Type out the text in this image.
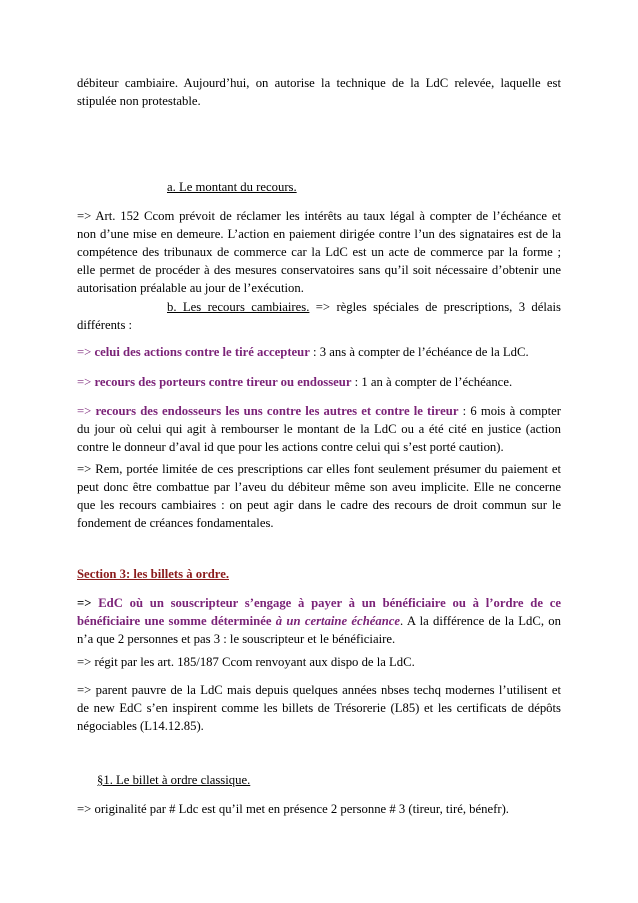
débiteur cambiaire. Aujourd’hui, on autorise la technique de la LdC relevée, laquelle est
stipulée non protestable.
a. Le montant du recours.
=> Art. 152 Ccom prévoit de réclamer les intérêts au taux légal à compter de l’échéance et
non d’une mise en demeure. L’action en paiement dirigée contre l’un des signataires est de la
compétence des tribunaux de commerce car la LdC est un acte de commerce par la forme ;
elle permet de procéder à des mesures conservatoires sans qu’il soit nécessaire d’obtenir une
autorisation préalable au jour de l’exécution.
b. Les recours cambiaires. => règles spéciales de prescriptions, 3 délais
différents :
=> celui des actions contre le tiré accepteur : 3 ans à compter de l’échéance de la LdC.
=> recours des porteurs contre tireur ou endosseur : 1 an à compter de l’échéance.
=> recours des endosseurs les uns contre les autres et contre le tireur : 6 mois à compter
du jour où celui qui agit à rembourser le montant de la LdC ou a été cité en justice (action
contre le donneur d’aval id que pour les actions contre celui qui s’est porté caution).
=> Rem, portée limitée de ces prescriptions car elles font seulement présumer du paiement et
peut donc être combattue par l’aveu du débiteur même son aveu implicite. Elle ne concerne
que les recours cambiaires : on peut agir dans le cadre des recours de droit commun sur le
fondement de créances fondamentales.
Section 3: les billets à ordre.
=> EdC où un souscripteur s’engage à payer à un bénéficiaire ou à l’ordre de ce
bénéficiaire une somme déterminée à un certaine échéance. A la différence de la LdC, on
n’a que 2 personnes et pas 3 : le souscripteur et le bénéficiaire.
=> régit par les art. 185/187 Ccom renvoyant aux dispo de la LdC.
=> parent pauvre de la LdC mais depuis quelques années nbses techq modernes l’utilisent et
de new EdC s’en inspirent comme les billets de Trésorerie (L85) et les certificats de dépôts
négociables (L14.12.85).
§1. Le billet à ordre classique.
=> originalité par # Ldc est qu’il met en présence 2 personne # 3 (tireur, tiré, bénefr).
